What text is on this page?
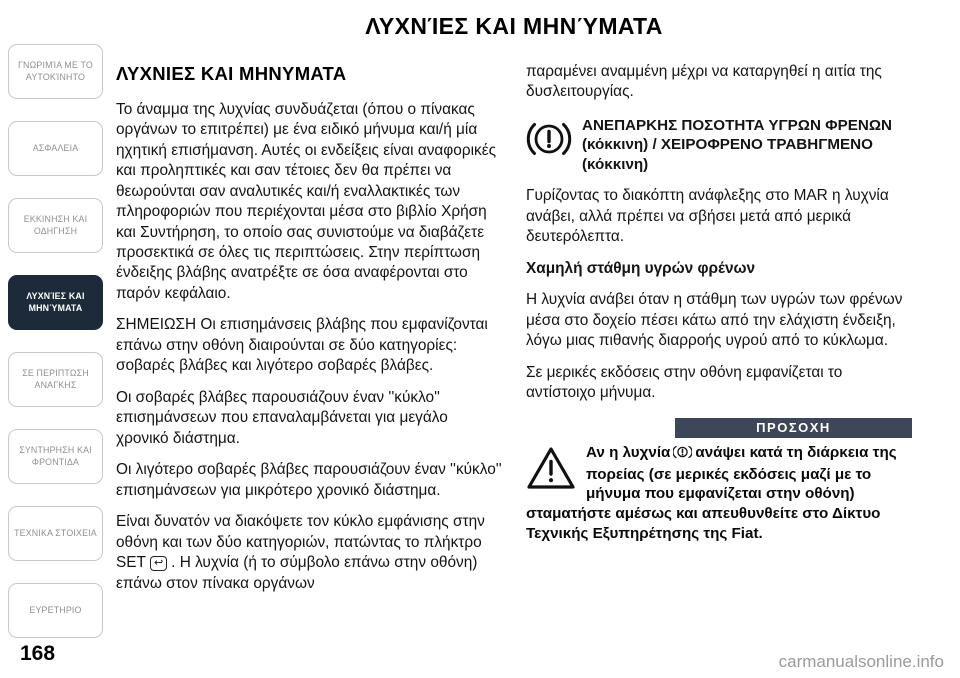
ΓΝΩΡΙΜΊΑ ΜΕ ΤΟ ΑΥΤΟΚΊΝΗΤΟ
ΑΣΦΑΛΕΙΑ
ΕΚΚΙΝΗΣΗ ΚΑΙ ΟΔΗΓΗΣΗ
ΛΥΧΝΊΕΣ ΚΑΙ ΜΗΝΎΜΑΤΑ
ΣΕ ΠΕΡΙΠΤΩΣΗ ΑΝΑΓΚΗΣ
ΣΥΝΤΗΡΗΣΗ ΚΑΙ ΦΡΟΝΤΙΔΑ
ΤΕΧΝΙΚΑ ΣΤΟΙΧΕΙΑ
ΕΥΡΕΤΗΡΙΟ
ΛΥΧΝΊΕΣ ΚΑΙ ΜΗΝΎΜΑΤΑ
ΛΥΧΝΙΕΣ ΚΑΙ ΜΗΝΥΜΑΤΑ

Το άναμμα της λυχνίας συνδυάζεται (όπου ο πίνακας οργάνων το επιτρέπει) με ένα ειδικό μήνυμα και/ή μία ηχητική επισήμανση. Αυτές οι ενδείξεις είναι αναφορικές και προληπτικές και σαν τέτοιες δεν θα πρέπει να θεωρούνται σαν αναλυτικές και/ή εναλλακτικές των πληροφοριών που περιέχονται μέσα στο βιβλίο Χρήση και Συντήρηση, το οποίο σας συνιστούμε να διαβάζετε προσεκτικά σε όλες τις περιπτώσεις. Στην περίπτωση ένδειξης βλάβης ανατρέξτε σε όσα αναφέρονται στο παρόν κεφάλαιο.

ΣΗΜΕΙΩΣΗ Οι επισημάνσεις βλάβης που εμφανίζονται επάνω στην οθόνη διαιρούνται σε δύο κατηγορίες: σοβαρές βλάβες και λιγότερο σοβαρές βλάβες.

Οι σοβαρές βλάβες παρουσιάζουν έναν ''κύκλο'' επισημάνσεων που επαναλαμβάνεται για μεγάλο χρονικό διάστημα.

Οι λιγότερο σοβαρές βλάβες παρουσιάζουν έναν ''κύκλο'' επισημάνσεων για μικρότερο χρονικό διάστημα.

Είναι δυνατόν να διακόψετε τον κύκλο εμφάνισης στην οθόνη και των δύο κατηγοριών, πατώντας το πλήκτρο SET ↩ . Η λυχνία (ή το σύμβολο επάνω στην οθόνη) επάνω στον πίνακα οργάνων

παραμένει αναμμένη μέχρι να καταργηθεί η αιτία της δυσλειτουργίας.

ΑΝΕΠΑΡΚΗΣ ΠΟΣΟΤΗΤΑ ΥΓΡΩΝ ΦΡΕΝΩΝ (κόκκινη) / ΧΕΙΡΟΦΡΕΝΟ ΤΡΑΒΗΓΜΕΝΟ (κόκκινη)

Γυρίζοντας το διακόπτη ανάφλεξης στο MAR η λυχνία ανάβει, αλλά πρέπει να σβήσει μετά από μερικά δευτερόλεπτα.

Χαμηλή στάθμη υγρών φρένων

Η λυχνία ανάβει όταν η στάθμη των υγρών των φρένων μέσα στο δοχείο πέσει κάτω από την ελάχιστη ένδειξη, λόγω μιας πιθανής διαρροής υγρού από το κύκλωμα.

Σε μερικές εκδόσεις στην οθόνη εμφανίζεται το αντίστοιχο μήνυμα.

ΠΡΟΣΟΧΗ
Αν η λυχνία ανάψει κατά τη διάρκεια της πορείας (σε μερικές εκδόσεις μαζί με το μήνυμα που εμφανίζεται στην οθόνη) σταματήστε αμέσως και απευθυνθείτε στο Δίκτυο Τεχνικής Εξυπηρέτησης της Fiat.
168	carmanualsonline.info
